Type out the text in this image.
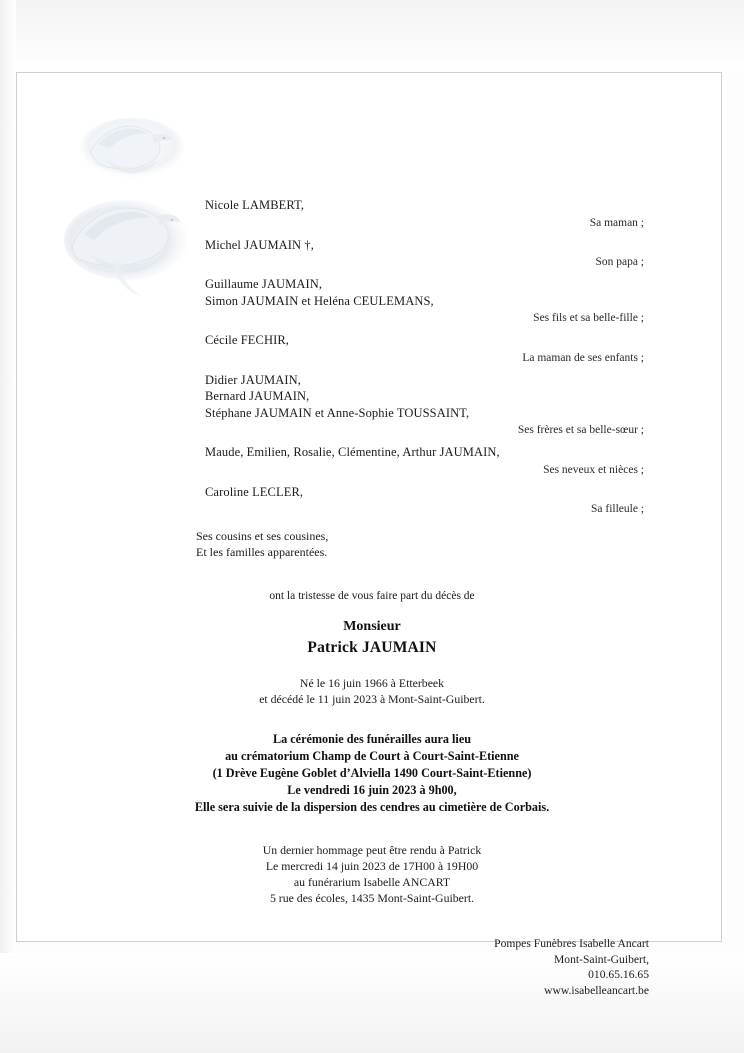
Nicole LAMBERT,
Sa maman ;
Michel JAUMAIN †,
Son papa ;
Guillaume JAUMAIN,
Simon JAUMAIN et Heléna CEULEMANS,
Ses fils et sa belle-fille ;
Cécile FECHIR,
La maman de ses enfants ;
Didier JAUMAIN,
Bernard JAUMAIN,
Stéphane JAUMAIN et Anne-Sophie TOUSSAINT,
Ses frères et sa belle-sœur ;
Maude, Emilien, Rosalie, Clémentine, Arthur JAUMAIN,
Ses neveux et nièces ;
Caroline LECLER,
Sa filleule ;
Ses cousins et ses cousines,
Et les familles apparentées.
ont la tristesse de vous faire part du décès de
Monsieur
Patrick JAUMAIN
Né le 16 juin 1966 à Etterbeek
et décédé le 11 juin 2023 à Mont-Saint-Guibert.
La cérémonie des funérailles aura lieu
au crématorium Champ de Court à Court-Saint-Etienne
(1 Drève Eugène Goblet d’Alviella 1490 Court-Saint-Etienne)
Le vendredi 16 juin 2023 à 9h00,
Elle sera suivie de la dispersion des cendres au cimetière de Corbais.
Un dernier hommage peut être rendu à Patrick
Le mercredi 14 juin 2023 de 17H00 à 19H00
au funérarium Isabelle ANCART
5 rue des écoles, 1435 Mont-Saint-Guibert.
Pompes Funèbres Isabelle Ancart
Mont-Saint-Guibert,
010.65.16.65
www.isabelleancart.be
